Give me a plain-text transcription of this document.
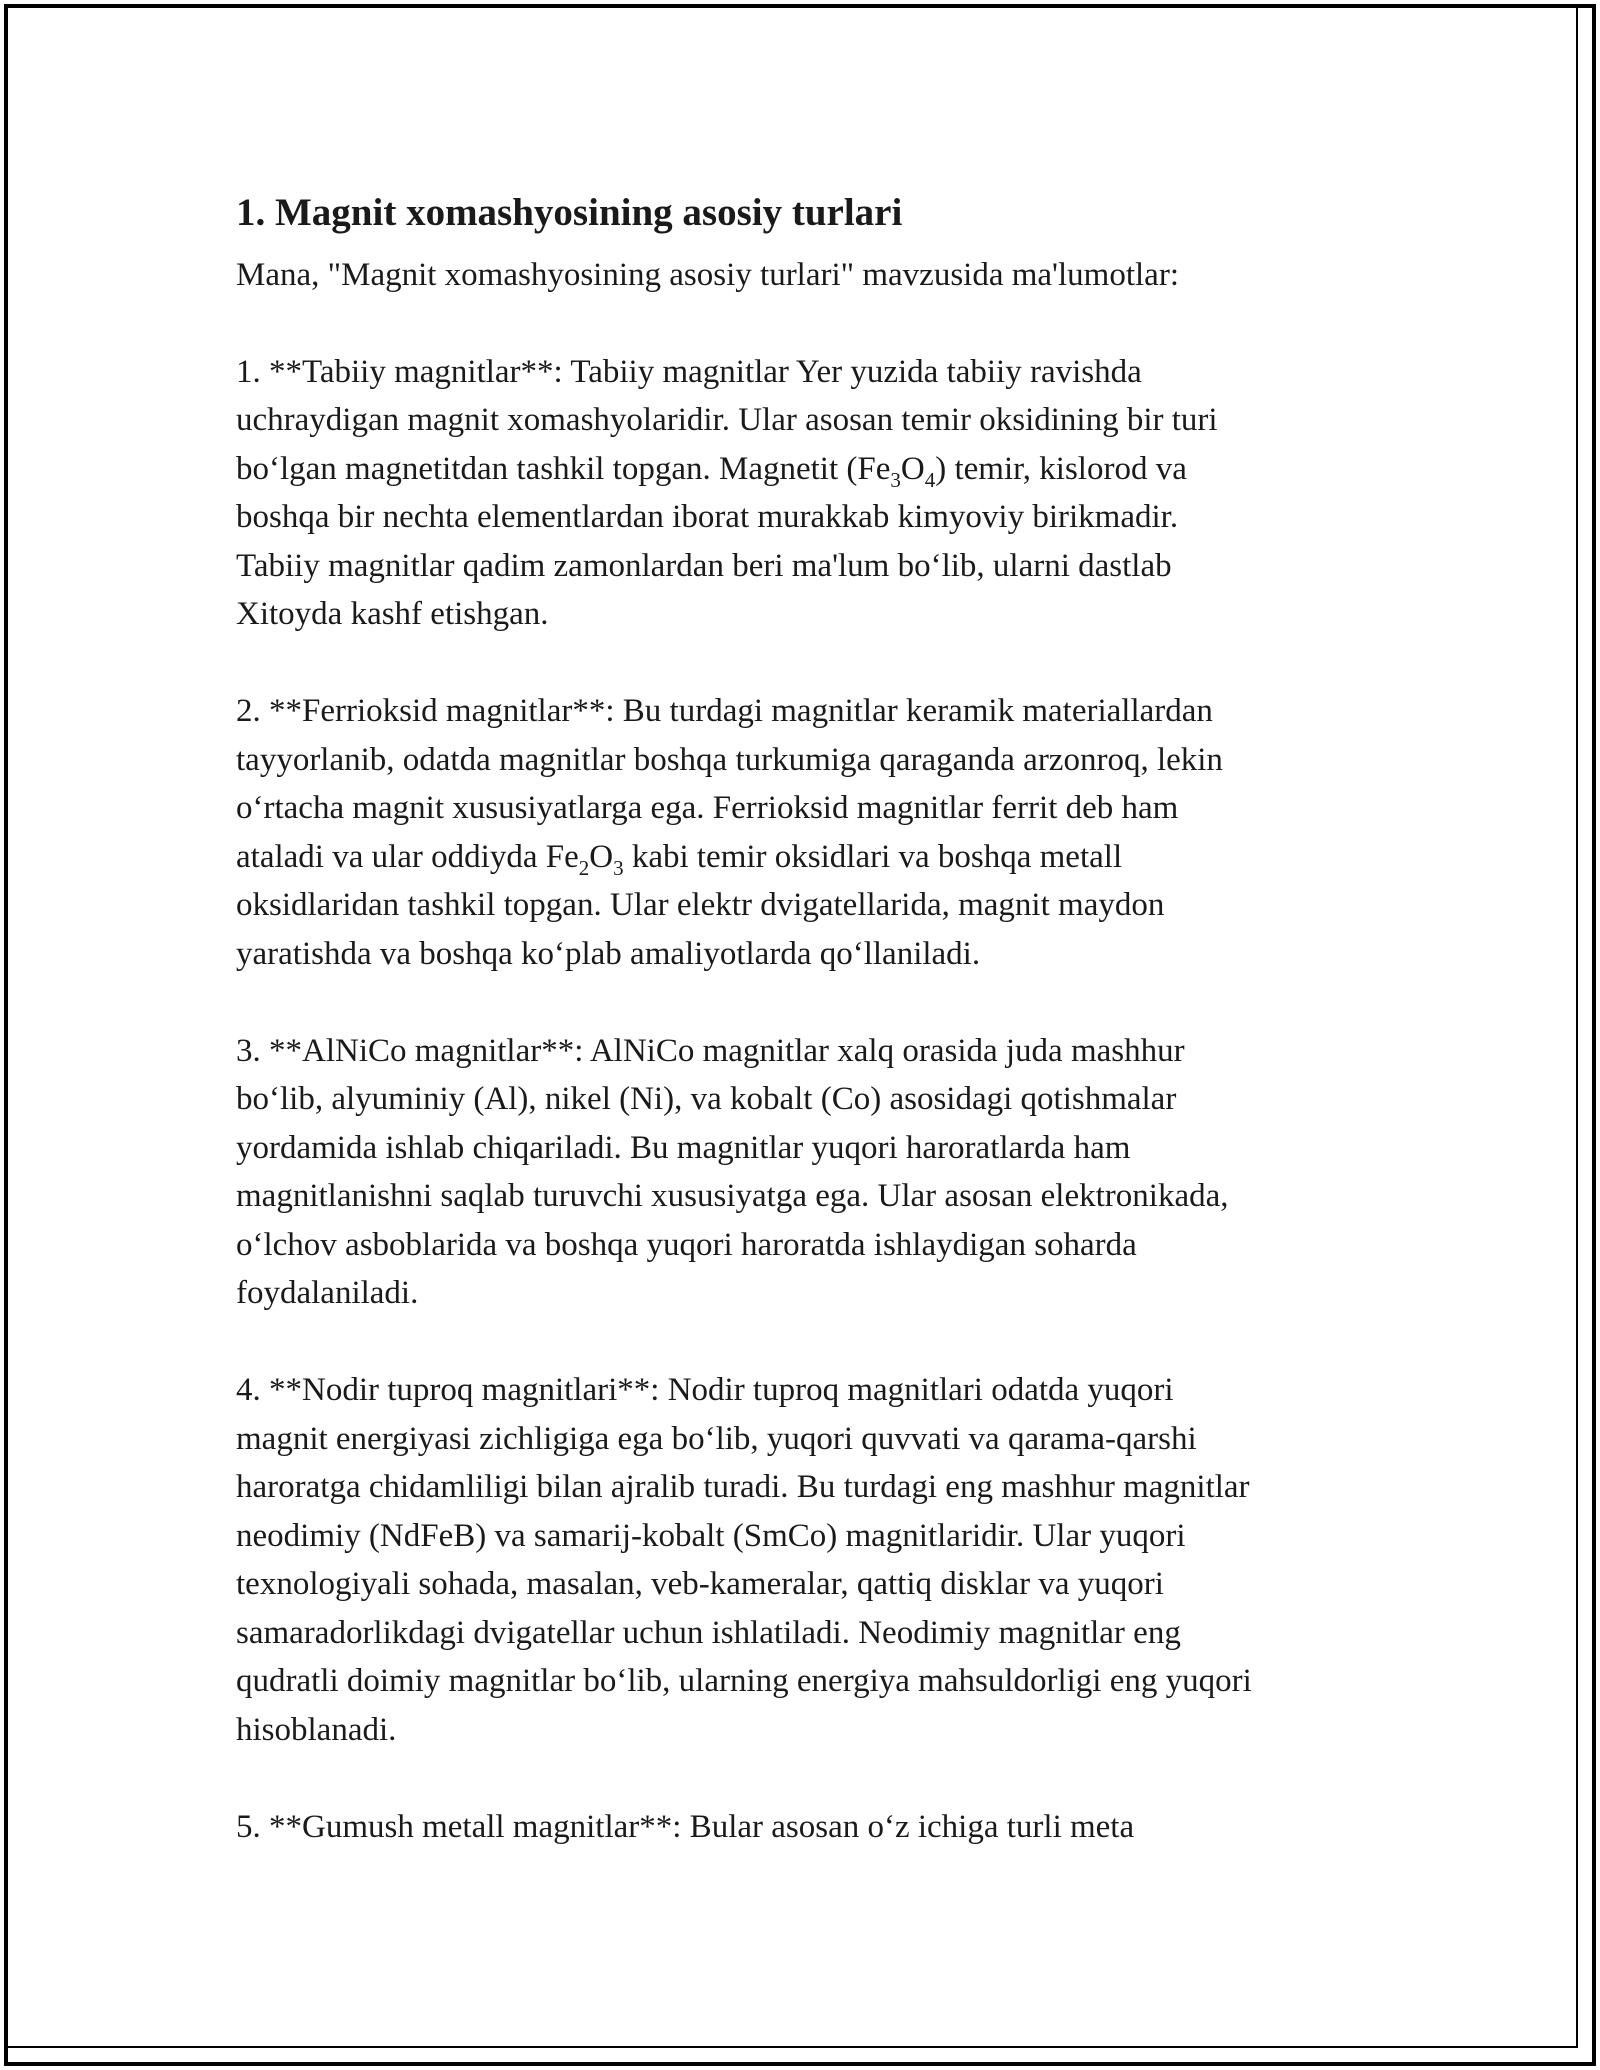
1. Magnit xomashyosining asosiy turlari

Mana, "Magnit xomashyosining asosiy turlari" mavzusida ma'lumotlar:

1. **Tabiiy magnitlar**: Tabiiy magnitlar Yer yuzida tabiiy ravishda
uchraydigan magnit xomashyolaridir. Ular asosan temir oksidining bir turi
bo‘lgan magnetitdan tashkil topgan. Magnetit $(Fe_3O_4)$ temir, kislorod va
boshqa bir nechta elementlardan iborat murakkab kimyoviy birikmadir.
Tabiiy magnitlar qadim zamonlardan beri ma'lum bo‘lib, ularni dastlab
Xitoyda kashf etishgan.

2. **Ferrioksid magnitlar**: Bu turdagi magnitlar keramik materiallardan
tayyorlanib, odatda magnitlar boshqa turkumiga qaraganda arzonroq, lekin
o‘rtacha magnit xususiyatlarga ega. Ferrioksid magnitlar ferrit deb ham
ataladi va ular oddiyda $Fe_2O_3$ kabi temir oksidlari va boshqa metall
oksidlaridan tashkil topgan. Ular elektr dvigatellarida, magnit maydon
yaratishda va boshqa ko‘plab amaliyotlarda qo‘llaniladi.

3. **AlNiCo magnitlar**: AlNiCo magnitlar xalq orasida juda mashhur
bo‘lib, alyuminiy (Al), nikel (Ni), va kobalt (Co) asosidagi qotishmalar
yordamida ishlab chiqariladi. Bu magnitlar yuqori haroratlarda ham
magnitlanishni saqlab turuvchi xususiyatga ega. Ular asosan elektronikada,
o‘lchov asboblarida va boshqa yuqori haroratda ishlaydigan soharda
foydalaniladi.

4. **Nodir tuproq magnitlari**: Nodir tuproq magnitlari odatda yuqori
magnit energiyasi zichligiga ega bo‘lib, yuqori quvvati va qarama-qarshi
haroratga chidamliligi bilan ajralib turadi. Bu turdagi eng mashhur magnitlar
neodimiy (NdFeB) va samarij-kobalt (SmCo) magnitlaridir. Ular yuqori
texnologiyali sohada, masalan, veb-kameralar, qattiq disklar va yuqori
samaradorlikdagi dvigatellar uchun ishlatiladi. Neodimiy magnitlar eng
qudratli doimiy magnitlar bo‘lib, ularning energiya mahsuldorligi eng yuqori
hisoblanadi.

5. **Gumush metall magnitlar**: Bular asosan o‘z ichiga turli meta
